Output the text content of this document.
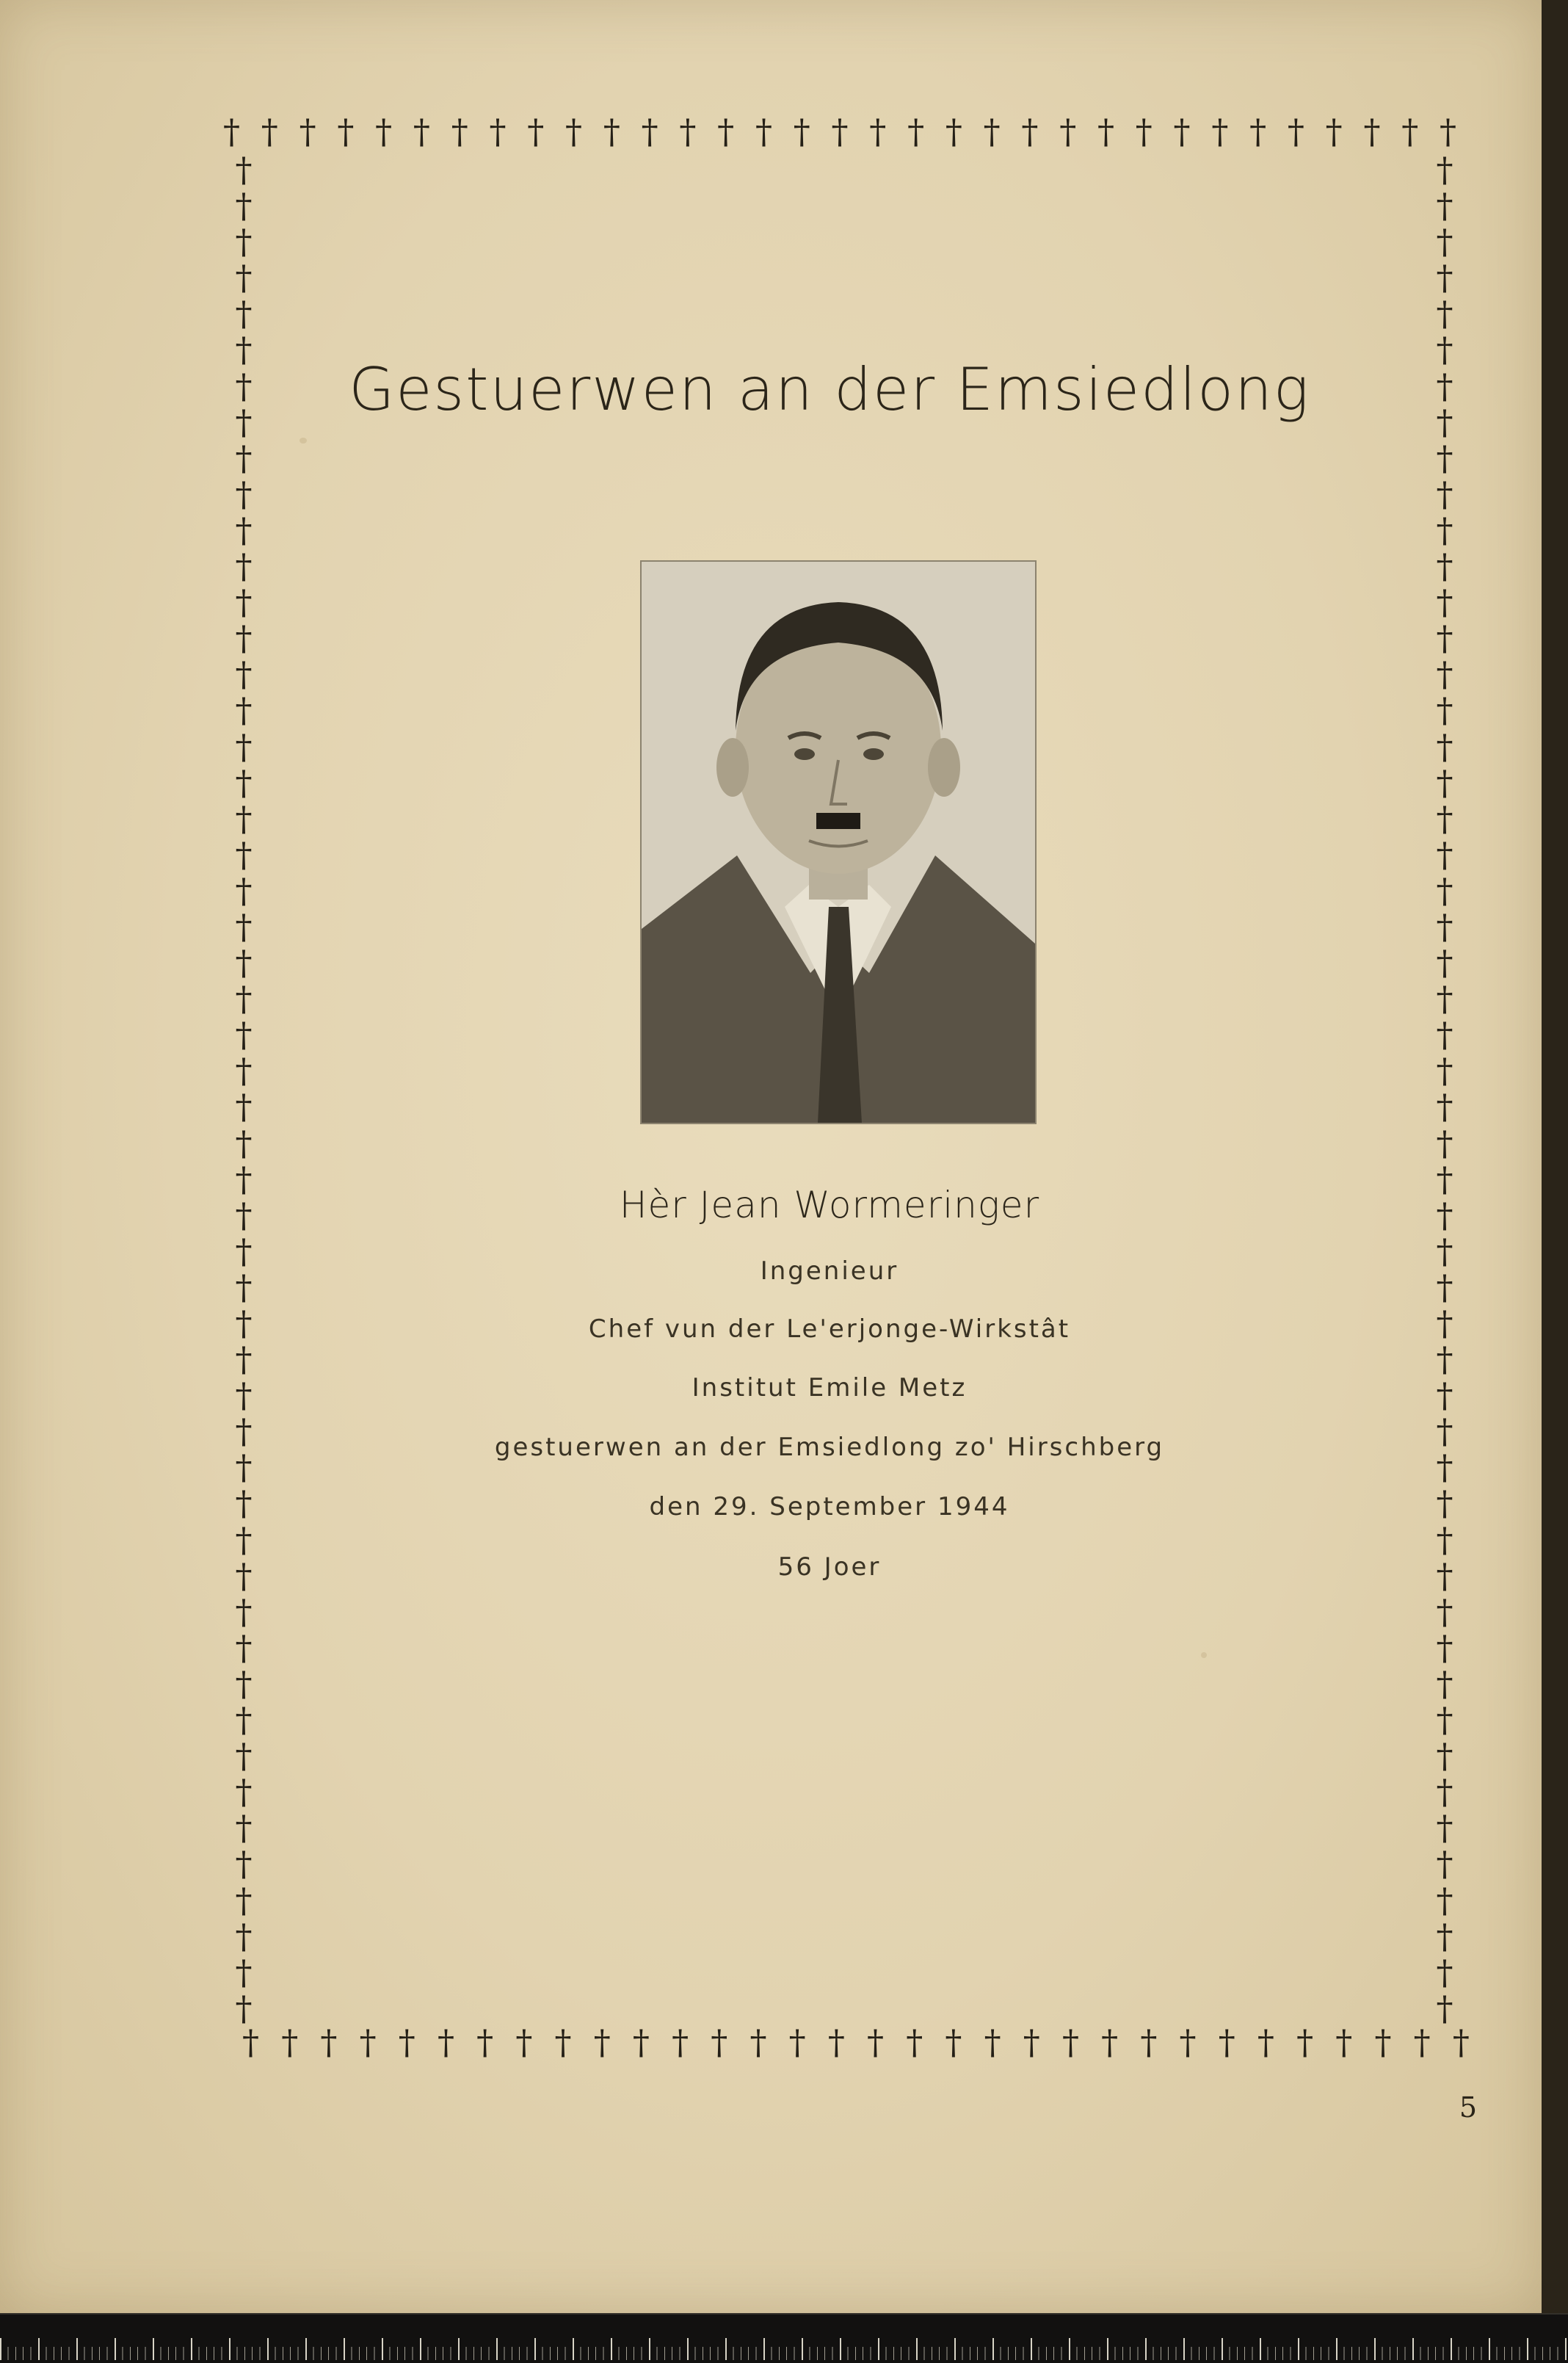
† † † † † † † † † † † † † † † † † † † † † † † † † † † † † † † † †
† † † † † † † † † † † † † † † † † † † † † † † † † † † † † † † †
†
†
†
†
†
†
†
†
†
†
†
†
†
†
†
†
†
†
†
†
†
†
†
†
†
†
†
†
†
†
†
†
†
†
†
†
†
†
†
†
†
†
†
†
†
†
†
†
†
†
†
†
†
†
†
†
†
†
†
†
†
†
†
†
†
†
†
†
†
†
†
†
†
†
†
†
†
†
†
†
†
†
†
†
†
†
†
†
†
†
†
†
†
†
†
†
†
†
†
†
†
†
†
†
Gestuerwen an der Emsiedlong

Hèr Jean Wormeringer

Ingenieur

Chef vun der Le'erjonge-Wirkstât

Institut Emile Metz

gestuerwen an der Emsiedlong zo' Hirschberg

den 29. September 1944

56 Joer

5
